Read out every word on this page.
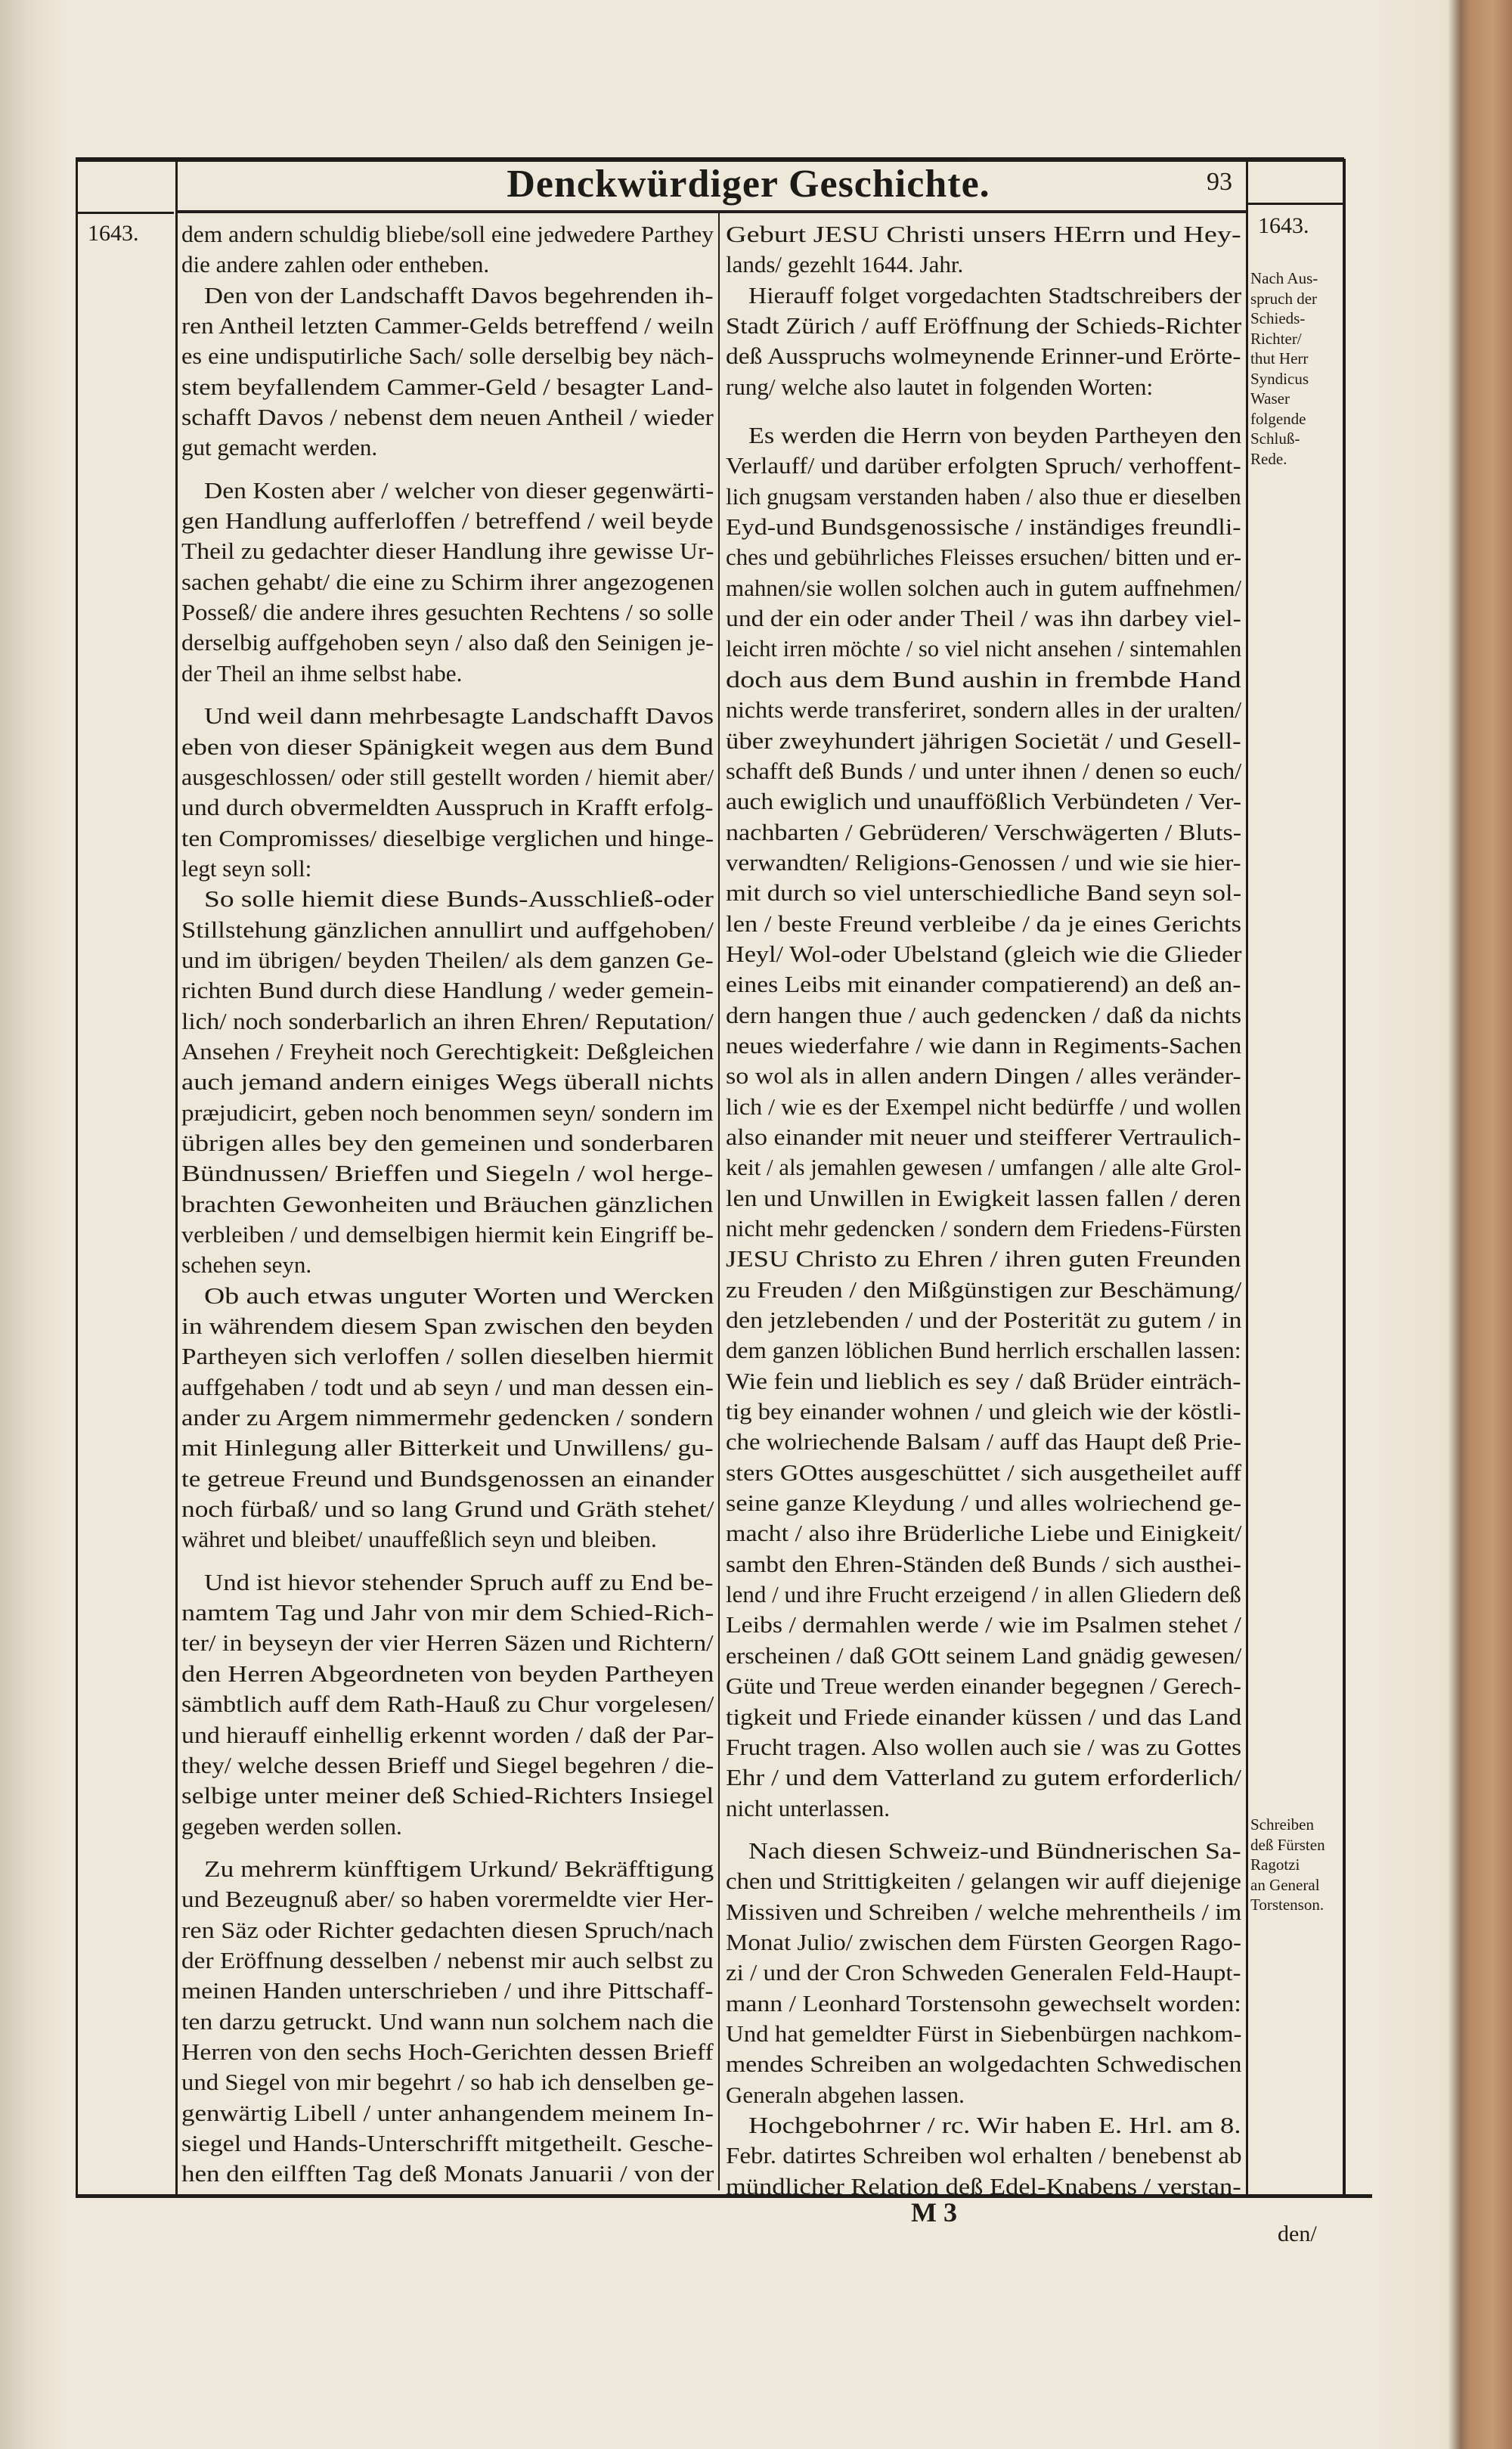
Denckwürdiger Geschichte.	93
1643.	1643.
dem andern schuldig bliebe/soll eine jedwedere Parthey
die andere zahlen oder entheben.
Den von der Landschafft Davos begehrenden ih-
ren Antheil letzten Cammer-Gelds betreffend / weiln
es eine undisputirliche Sach/ solle derselbig bey näch-
stem beyfallendem Cammer-Geld / besagter Land-
schafft Davos / nebenst dem neuen Antheil / wieder
gut gemacht werden.
Den Kosten aber / welcher von dieser gegenwärti-
gen Handlung aufferloffen / betreffend / weil beyde
Theil zu gedachter dieser Handlung ihre gewisse Ur-
sachen gehabt/ die eine zu Schirm ihrer angezogenen
Posseß/ die andere ihres gesuchten Rechtens / so solle
derselbig auffgehoben seyn / also daß den Seinigen je-
der Theil an ihme selbst habe.
Und weil dann mehrbesagte Landschafft Davos
eben von dieser Spänigkeit wegen aus dem Bund
ausgeschlossen/ oder still gestellt worden / hiemit aber/
und durch obvermeldten Ausspruch in Krafft erfolg-
ten Compromisses/ dieselbige verglichen und hinge-
legt seyn soll:
So solle hiemit diese Bunds-Ausschließ-oder
Stillstehung gänzlichen annullirt und auffgehoben/
und im übrigen/ beyden Theilen/ als dem ganzen Ge-
richten Bund durch diese Handlung / weder gemein-
lich/ noch sonderbarlich an ihren Ehren/ Reputation/
Ansehen / Freyheit noch Gerechtigkeit: Deßgleichen
auch jemand andern einiges Wegs überall nichts
præjudicirt, geben noch benommen seyn/ sondern im
übrigen alles bey den gemeinen und sonderbaren
Bündnussen/ Brieffen und Siegeln / wol herge-
brachten Gewonheiten und Bräuchen gänzlichen
verbleiben / und demselbigen hiermit kein Eingriff be-
schehen seyn.
Ob auch etwas unguter Worten und Wercken
in währendem diesem Span zwischen den beyden
Partheyen sich verloffen / sollen dieselben hiermit
auffgehaben / todt und ab seyn / und man dessen ein-
ander zu Argem nimmermehr gedencken / sondern
mit Hinlegung aller Bitterkeit und Unwillens/ gu-
te getreue Freund und Bundsgenossen an einander
noch fürbaß/ und so lang Grund und Gräth stehet/
währet und bleibet/ unauffeßlich seyn und bleiben.
Und ist hievor stehender Spruch auff zu End be-
namtem Tag und Jahr von mir dem Schied-Rich-
ter/ in beyseyn der vier Herren Säzen und Richtern/
den Herren Abgeordneten von beyden Partheyen
sämbtlich auff dem Rath-Hauß zu Chur vorgelesen/
und hierauff einhellig erkennt worden / daß der Par-
they/ welche dessen Brieff und Siegel begehren / die-
selbige unter meiner deß Schied-Richters Insiegel
gegeben werden sollen.
Zu mehrerm künfftigem Urkund/ Bekräfftigung
und Bezeugnuß aber/ so haben vorermeldte vier Her-
ren Säz oder Richter gedachten diesen Spruch/nach
der Eröffnung desselben / nebenst mir auch selbst zu
meinen Handen unterschrieben / und ihre Pittschaff-
ten darzu getruckt. Und wann nun solchem nach die
Herren von den sechs Hoch-Gerichten dessen Brieff
und Siegel von mir begehrt / so hab ich denselben ge-
genwärtig Libell / unter anhangendem meinem In-
siegel und Hands-Unterschrifft mitgetheilt. Gesche-
hen den eilfften Tag deß Monats Januarii / von der
Geburt JESU Christi unsers HErrn und Hey-
lands/ gezehlt 1644. Jahr.
Hierauff folget vorgedachten Stadtschreibers der
Stadt Zürich / auff Eröffnung der Schieds-Richter
deß Ausspruchs wolmeynende Erinner-und Erörte-
rung/ welche also lautet in folgenden Worten:
Es werden die Herrn von beyden Partheyen den
Verlauff/ und darüber erfolgten Spruch/ verhoffent-
lich gnugsam verstanden haben / also thue er dieselben
Eyd-und Bundsgenossische / inständiges freundli-
ches und gebührliches Fleisses ersuchen/ bitten und er-
mahnen/sie wollen solchen auch in gutem auffnehmen/
und der ein oder ander Theil / was ihn darbey viel-
leicht irren möchte / so viel nicht ansehen / sintemahlen
doch aus dem Bund aushin in frembde Hand
nichts werde transferiret, sondern alles in der uralten/
über zweyhundert jährigen Societät / und Gesell-
schafft deß Bunds / und unter ihnen / denen so euch/
auch ewiglich und unauffößlich Verbündeten / Ver-
nachbarten / Gebrüderen/ Verschwägerten / Bluts-
verwandten/ Religions-Genossen / und wie sie hier-
mit durch so viel unterschiedliche Band seyn sol-
len / beste Freund verbleibe / da je eines Gerichts
Heyl/ Wol-oder Ubelstand (gleich wie die Glieder
eines Leibs mit einander compatierend) an deß an-
dern hangen thue / auch gedencken / daß da nichts
neues wiederfahre / wie dann in Regiments-Sachen
so wol als in allen andern Dingen / alles veränder-
lich / wie es der Exempel nicht bedürffe / und wollen
also einander mit neuer und steifferer Vertraulich-
keit / als jemahlen gewesen / umfangen / alle alte Grol-
len und Unwillen in Ewigkeit lassen fallen / deren
nicht mehr gedencken / sondern dem Friedens-Fürsten
JESU Christo zu Ehren / ihren guten Freunden
zu Freuden / den Mißgünstigen zur Beschämung/
den jetzlebenden / und der Posterität zu gutem / in
dem ganzen löblichen Bund herrlich erschallen lassen:
Wie fein und lieblich es sey / daß Brüder einträch-
tig bey einander wohnen / und gleich wie der köstli-
che wolriechende Balsam / auff das Haupt deß Prie-
sters GOttes ausgeschüttet / sich ausgetheilet auff
seine ganze Kleydung / und alles wolriechend ge-
macht / also ihre Brüderliche Liebe und Einigkeit/
sambt den Ehren-Ständen deß Bunds / sich austhei-
lend / und ihre Frucht erzeigend / in allen Gliedern deß
Leibs / dermahlen werde / wie im Psalmen stehet /
erscheinen / daß GOtt seinem Land gnädig gewesen/
Güte und Treue werden einander begegnen / Gerech-
tigkeit und Friede einander küssen / und das Land
Frucht tragen. Also wollen auch sie / was zu Gottes
Ehr / und dem Vatterland zu gutem erforderlich/
nicht unterlassen.
Nach diesen Schweiz-und Bündnerischen Sa-
chen und Strittigkeiten / gelangen wir auff diejenige
Missiven und Schreiben / welche mehrentheils / im
Monat Julio/ zwischen dem Fürsten Georgen Rago-
zi / und der Cron Schweden Generalen Feld-Haupt-
mann / Leonhard Torstensohn gewechselt worden:
Und hat gemeldter Fürst in Siebenbürgen nachkom-
mendes Schreiben an wolgedachten Schwedischen
Generaln abgehen lassen.
Hochgebohrner / rc. Wir haben E. Hrl. am 8.
Febr. datirtes Schreiben wol erhalten / benebenst ab
mündlicher Relation deß Edel-Knabens / verstan-
Nach Aus-
spruch der
Schieds-
Richter/
thut Herr
Syndicus
Waser
folgende
Schluß-
Rede.
Schreiben
deß Fürsten
Ragotzi
an General
Torstenson.
M 3
den/
